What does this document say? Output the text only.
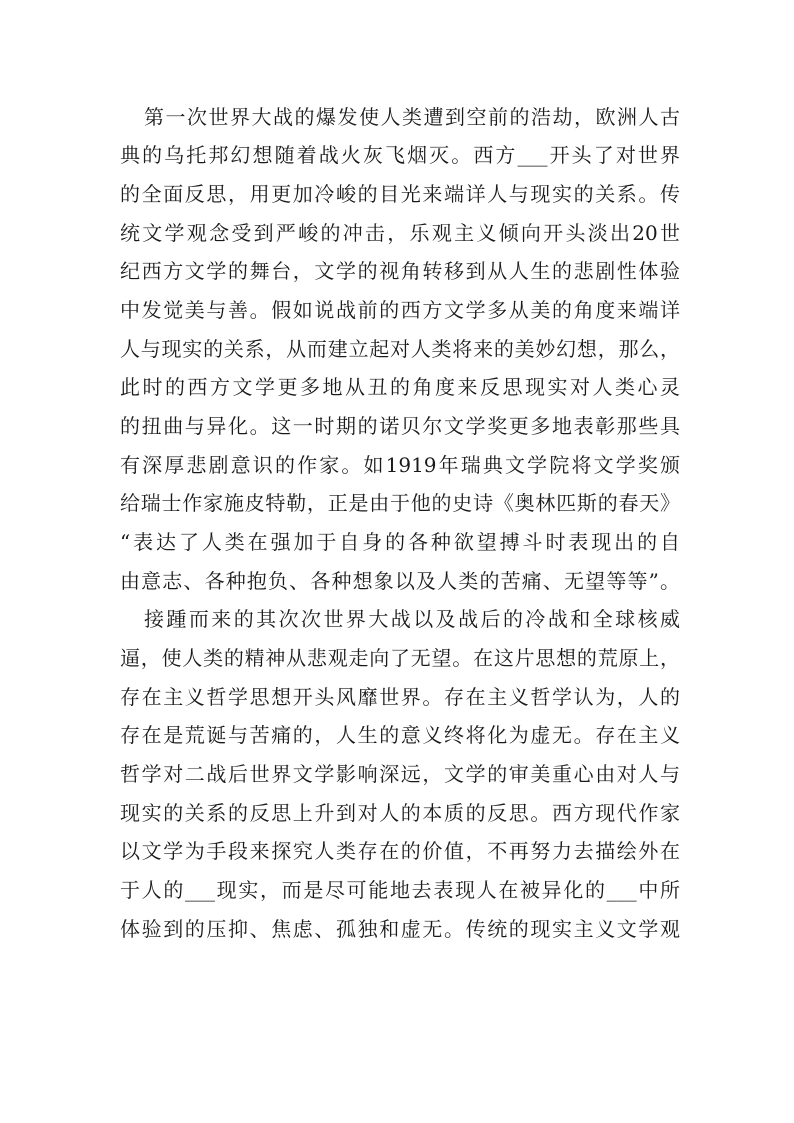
第一次世界大战的爆发使人类遭到空前的浩劫，欧洲人古
典的乌托邦幻想随着战火灰飞烟灭。西方___开头了对世界
的全面反思，用更加冷峻的目光来端详人与现实的关系。传
统文学观念受到严峻的冲击，乐观主义倾向开头淡出20世
纪西方文学的舞台，文学的视角转移到从人生的悲剧性体验
中发觉美与善。假如说战前的西方文学多从美的角度来端详
人与现实的关系，从而建立起对人类将来的美妙幻想，那么，
此时的西方文学更多地从丑的角度来反思现实对人类心灵
的扭曲与异化。这一时期的诺贝尔文学奖更多地表彰那些具
有深厚悲剧意识的作家。如1919年瑞典文学院将文学奖颁
给瑞士作家施皮特勒，正是由于他的史诗《奥林匹斯的春天》
“表达了人类在强加于自身的各种欲望搏斗时表现出的自
由意志、各种抱负、各种想象以及人类的苦痛、无望等等”。
接踵而来的其次次世界大战以及战后的冷战和全球核威
逼，使人类的精神从悲观走向了无望。在这片思想的荒原上，
存在主义哲学思想开头风靡世界。存在主义哲学认为，人的
存在是荒诞与苦痛的，人生的意义终将化为虚无。存在主义
哲学对二战后世界文学影响深远，文学的审美重心由对人与
现实的关系的反思上升到对人的本质的反思。西方现代作家
以文学为手段来探究人类存在的价值，不再努力去描绘外在
于人的___现实，而是尽可能地去表现人在被异化的___中所
体验到的压抑、焦虑、孤独和虚无。传统的现实主义文学观
